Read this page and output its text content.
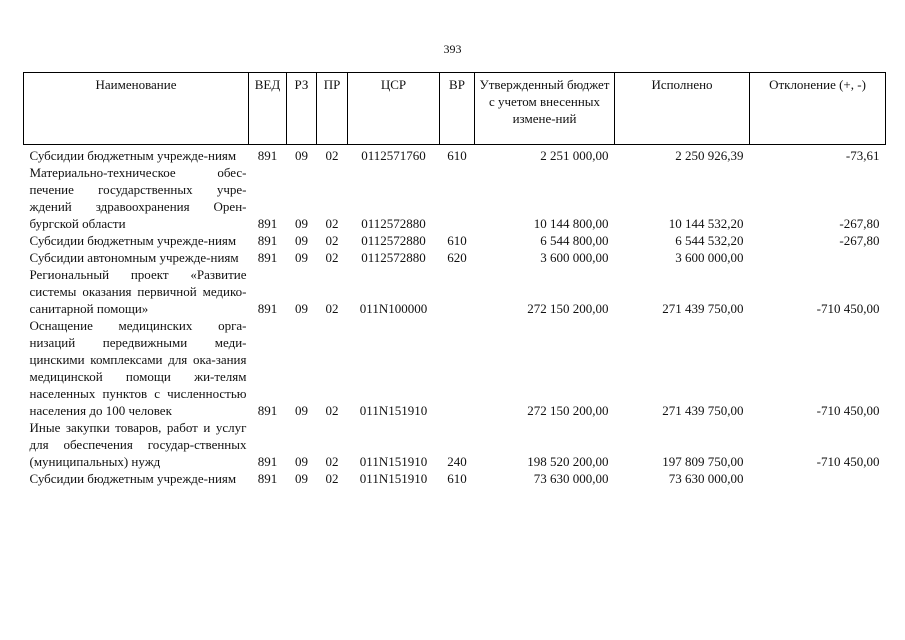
393
Наименование	ВЕД	РЗ	ПР	ЦСР	ВР	Утвержденный бюджет с учетом внесенных измене-ний	Исполнено	Отклонение (+, -)
Субсидии бюджетным учрежде-ниям	891	09	02	0112571760	610	2 251 000,00	2 250 926,39	-73,61
Материально-техническое обес-печение государственных учре-ждений здравоохранения Орен-бургской области	891	09	02	0112572880		10 144 800,00	10 144 532,20	-267,80
Субсидии бюджетным учрежде-ниям	891	09	02	0112572880	610	6 544 800,00	6 544 532,20	-267,80
Субсидии автономным учрежде-ниям	891	09	02	0112572880	620	3 600 000,00	3 600 000,00	
Региональный проект «Развитие системы оказания первичной медико-санитарной помощи»	891	09	02	011N100000		272 150 200,00	271 439 750,00	-710 450,00
Оснащение медицинских орга-низаций передвижными меди-цинскими комплексами для ока-зания медицинской помощи жи-телям населенных пунктов с численностью населения до 100 человек	891	09	02	011N151910		272 150 200,00	271 439 750,00	-710 450,00
Иные закупки товаров, работ и услуг для обеспечения государ-ственных (муниципальных) нужд	891	09	02	011N151910	240	198 520 200,00	197 809 750,00	-710 450,00
Субсидии бюджетным учрежде-ниям	891	09	02	011N151910	610	73 630 000,00	73 630 000,00	
